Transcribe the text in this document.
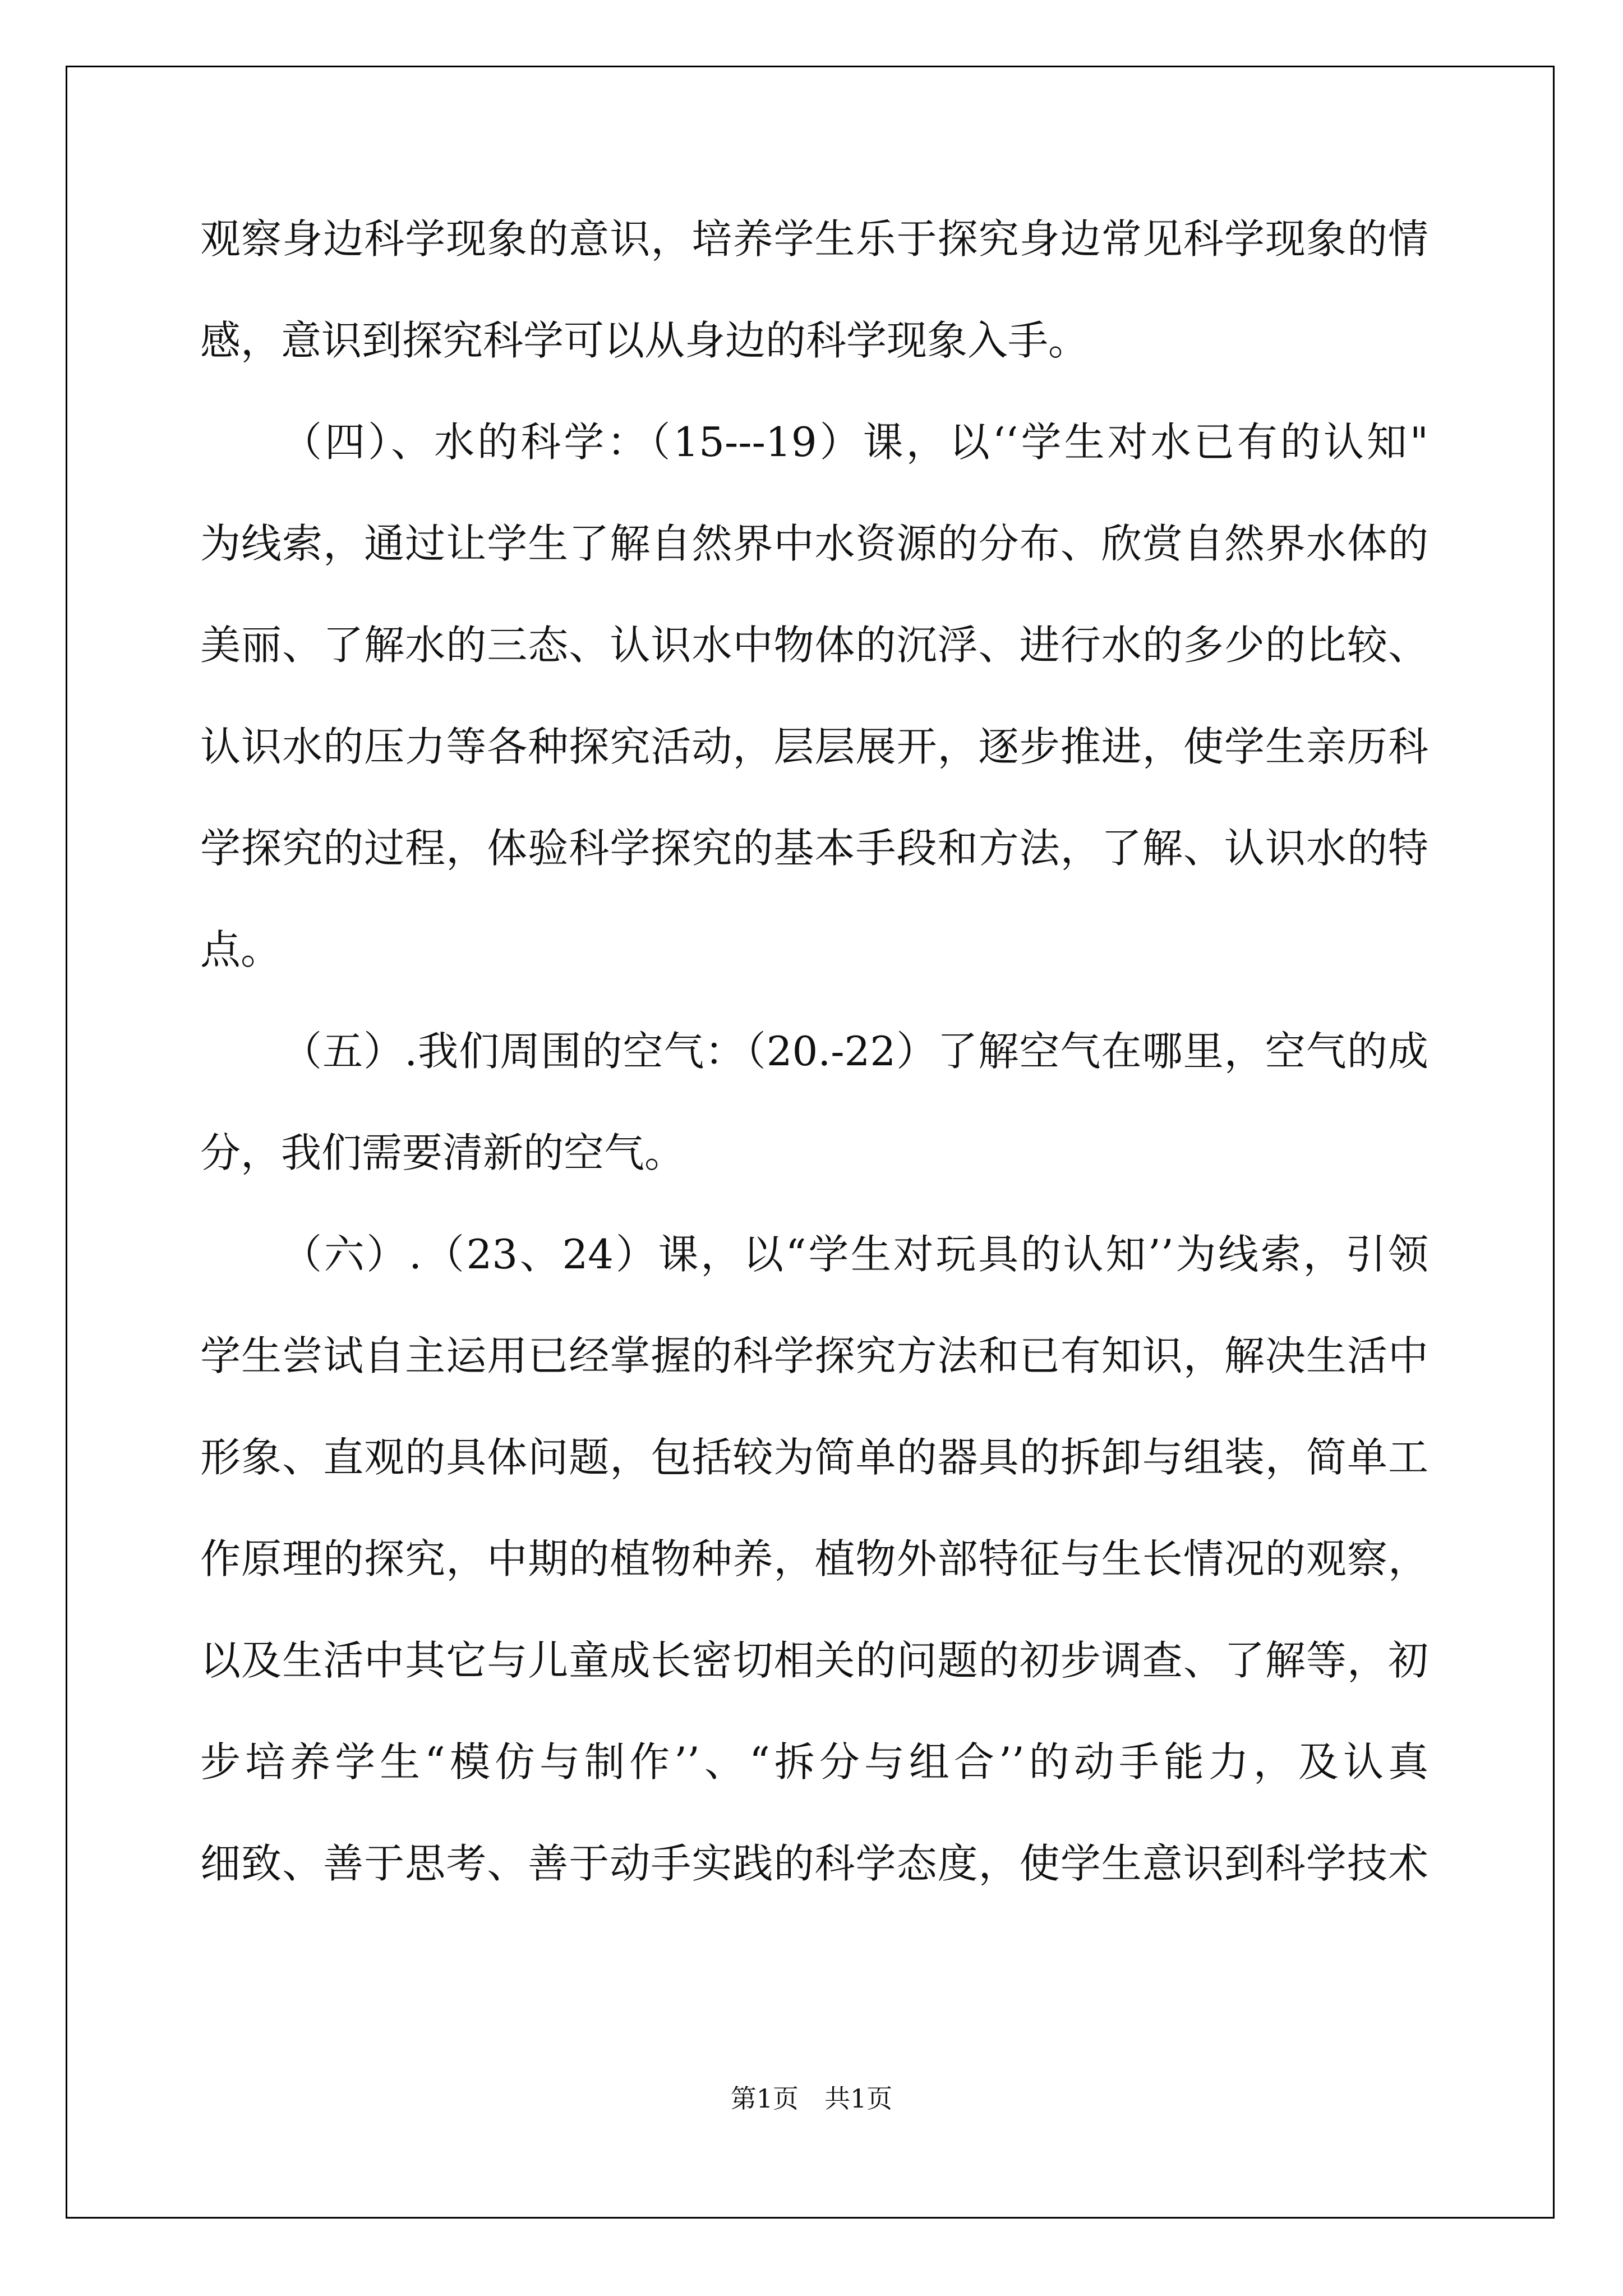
观察身边科学现象的意识，培养学生乐于探究身边常见科学现象的情
感，意识到探究科学可以从身边的科学现象入手。
（四）、水的科学：（15---19）课，以‘‘学生对水已有的认知"
为线索，通过让学生了解自然界中水资源的分布、欣赏自然界水体的
美丽、了解水的三态、认识水中物体的沉浮、进行水的多少的比较、
认识水的压力等各种探究活动，层层展开，逐步推进，使学生亲历科
学探究的过程，体验科学探究的基本手段和方法，了解、认识水的特
点。
（五）.我们周围的空气：（20.-22）了解空气在哪里，空气的成
分，我们需要清新的空气。
（六）.（23、24）课，以“学生对玩具的认知’’为线索，引领
学生尝试自主运用已经掌握的科学探究方法和已有知识，解决生活中
形象、直观的具体问题，包括较为简单的器具的拆卸与组装，简单工
作原理的探究，中期的植物种养，植物外部特征与生长情况的观察，
以及生活中其它与儿童成长密切相关的问题的初步调查、了解等，初
步培养学生“模仿与制作’’、“拆分与组合’’的动手能力，及认真
细致、善于思考、善于动手实践的科学态度，使学生意识到科学技术
第1页　共1页
